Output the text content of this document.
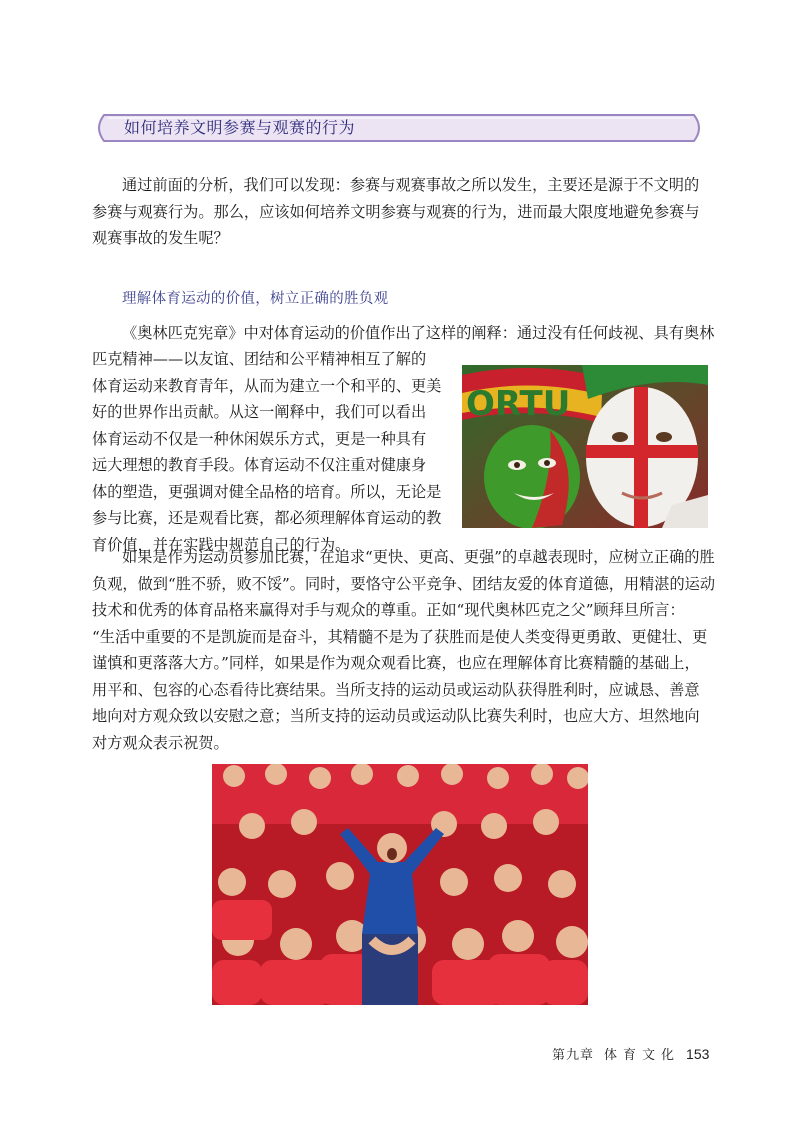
如何培养文明参赛与观赛的行为
通过前面的分析，我们可以发现：参赛与观赛事故之所以发生，主要还是源于不文明的
参赛与观赛行为。那么，应该如何培养文明参赛与观赛的行为，进而最大限度地避免参赛与
观赛事故的发生呢？
理解体育运动的价值，树立正确的胜负观
《奥林匹克宪章》中对体育运动的价值作出了这样的阐释：通过没有任何歧视、具有奥林
匹克精神——以友谊、团结和公平精神相互了解的
体育运动来教育青年，从而为建立一个和平的、更美
好的世界作出贡献。从这一阐释中，我们可以看出
体育运动不仅是一种休闲娱乐方式，更是一种具有
远大理想的教育手段。体育运动不仅注重对健康身
体的塑造，更强调对健全品格的培育。所以，无论是
参与比赛，还是观看比赛，都必须理解体育运动的教
育价值，并在实践中规范自己的行为。
ORTU
如果是作为运动员参加比赛，在追求“更快、更高、更强”的卓越表现时，应树立正确的胜
负观，做到“胜不骄，败不馁”。同时，要恪守公平竞争、团结友爱的体育道德，用精湛的运动
技术和优秀的体育品格来赢得对手与观众的尊重。正如“现代奥林匹克之父”顾拜旦所言：
“生活中重要的不是凯旋而是奋斗，其精髓不是为了获胜而是使人类变得更勇敢、更健壮、更
谨慎和更落落大方。”同样，如果是作为观众观看比赛，也应在理解体育比赛精髓的基础上，
用平和、包容的心态看待比赛结果。当所支持的运动员或运动队获得胜利时，应诚恳、善意
地向对方观众致以安慰之意；当所支持的运动员或运动队比赛失利时，也应大方、坦然地向
对方观众表示祝贺。
第九章 体育文化 153
